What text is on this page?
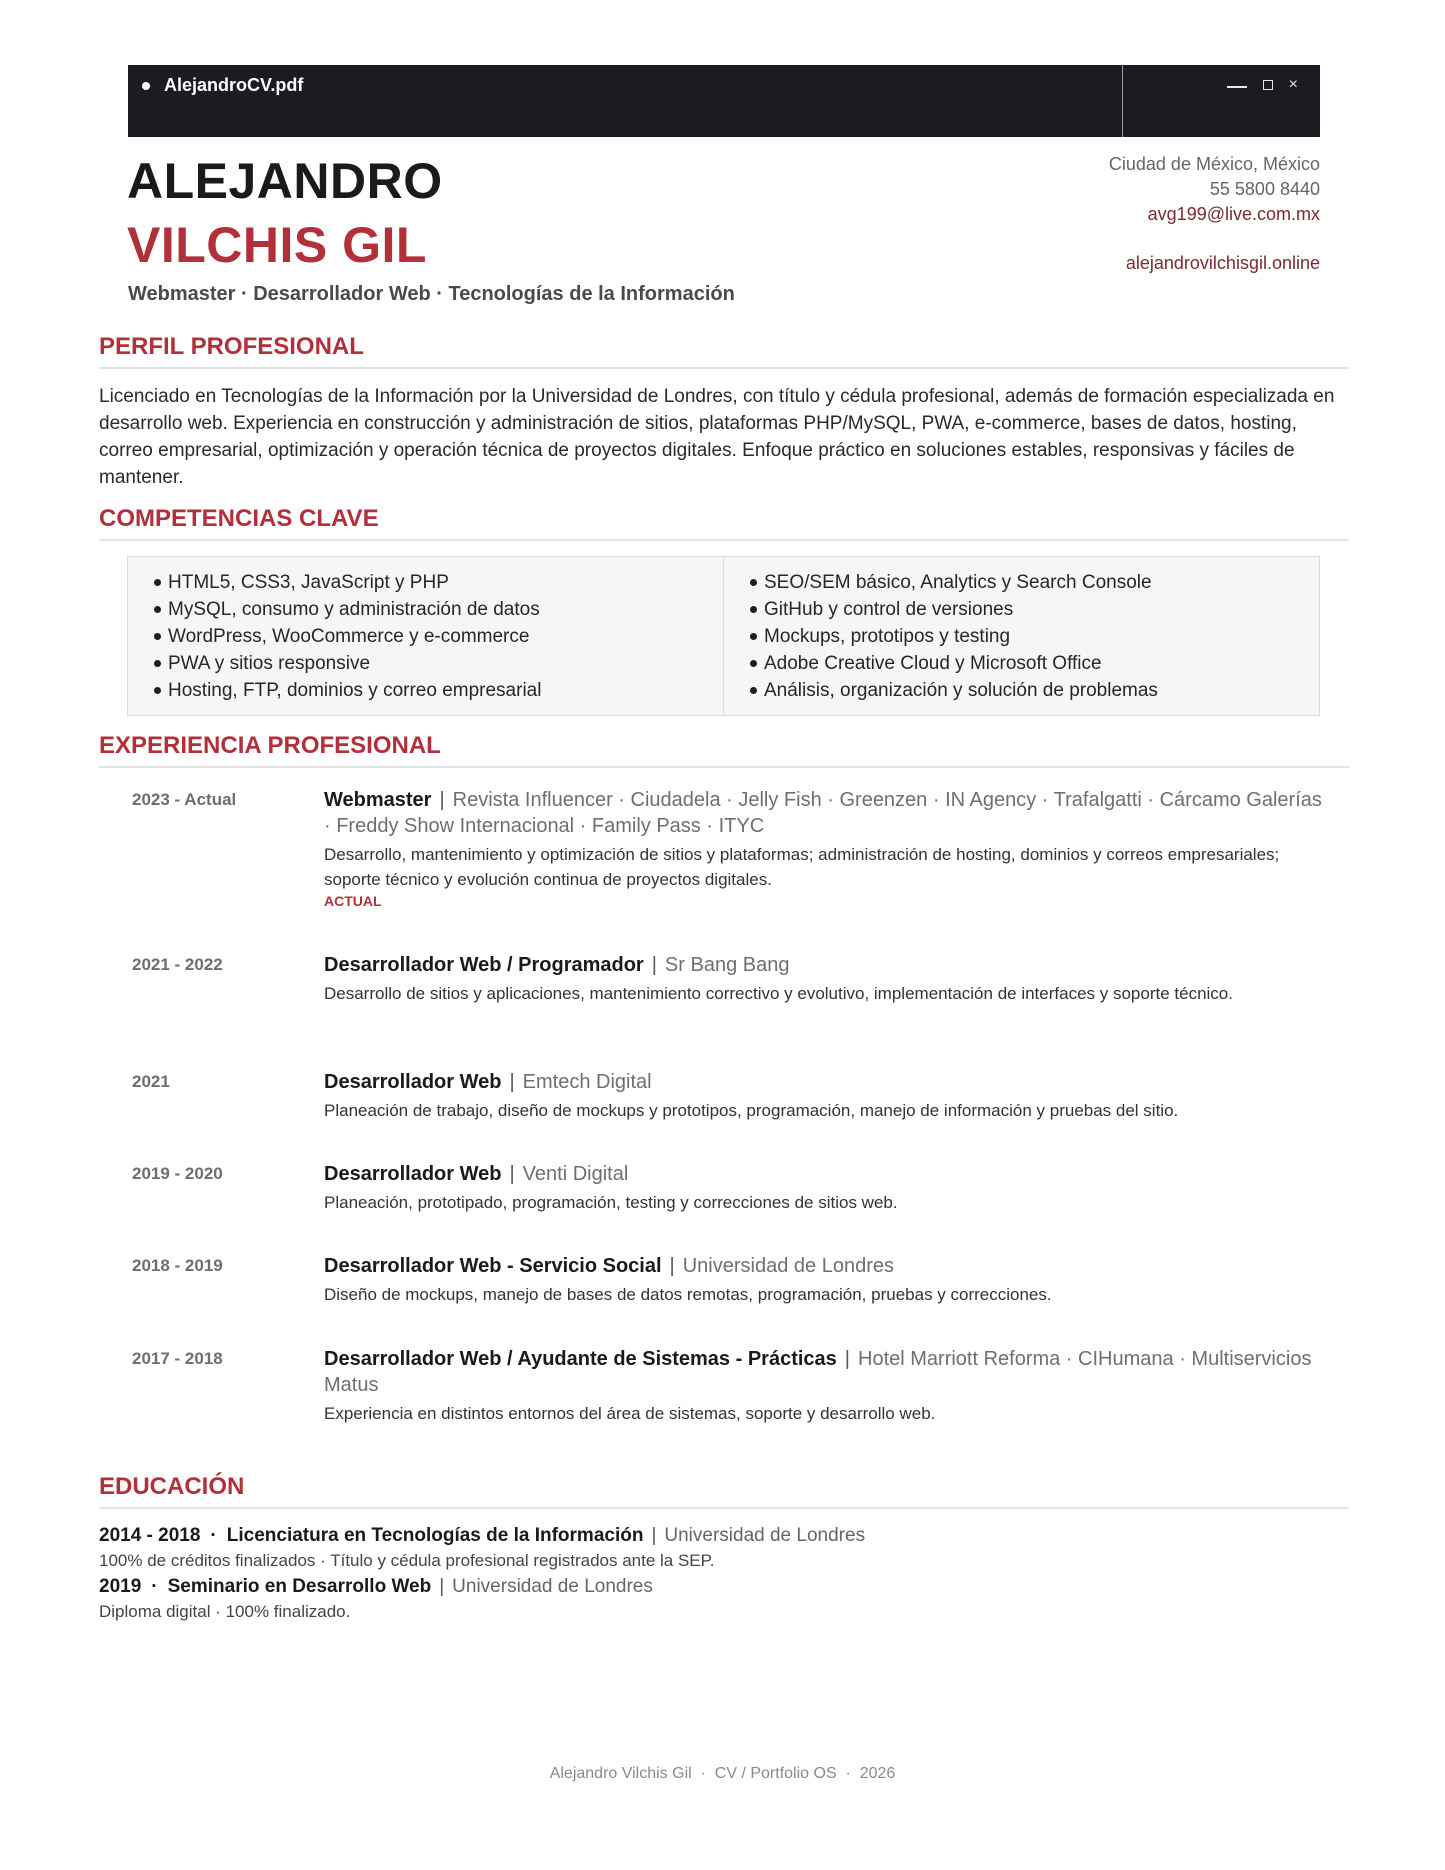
AlejandroCV.pdf	×
ALEJANDRO
VILCHIS GIL
Webmaster · Desarrollador Web · Tecnologías de la Información
Ciudad de México, México
55 5800 8440
avg199@live.com.mx
alejandrovilchisgil.online
PERFIL PROFESIONAL
Licenciado en Tecnologías de la Información por la Universidad de Londres, con título y cédula profesional, además de formación especializada en desarrollo web. Experiencia en construcción y administración de sitios, plataformas PHP/MySQL, PWA, e-commerce, bases de datos, hosting, correo empresarial, optimización y operación técnica de proyectos digitales. Enfoque práctico en soluciones estables, responsivas y fáciles de mantener.
COMPETENCIAS CLAVE
HTML5, CSS3, JavaScript y PHP
MySQL, consumo y administración de datos
WordPress, WooCommerce y e-commerce
PWA y sitios responsive
Hosting, FTP, dominios y correo empresarial
SEO/SEM básico, Analytics y Search Console
GitHub y control de versiones
Mockups, prototipos y testing
Adobe Creative Cloud y Microsoft Office
Análisis, organización y solución de problemas
EXPERIENCIA PROFESIONAL
2023 - Actual	Webmaster | Revista Influencer · Ciudadela · Jelly Fish · Greenzen · IN Agency · Trafalgatti · Cárcamo Galerías · Freddy Show Internacional · Family Pass · ITYC
Desarrollo, mantenimiento y optimización de sitios y plataformas; administración de hosting, dominios y correos empresariales; soporte técnico y evolución continua de proyectos digitales.
ACTUAL
2021 - 2022	Desarrollador Web / Programador | Sr Bang Bang
Desarrollo de sitios y aplicaciones, mantenimiento correctivo y evolutivo, implementación de interfaces y soporte técnico.
2021	Desarrollador Web | Emtech Digital
Planeación de trabajo, diseño de mockups y prototipos, programación, manejo de información y pruebas del sitio.
2019 - 2020	Desarrollador Web | Venti Digital
Planeación, prototipado, programación, testing y correcciones de sitios web.
2018 - 2019	Desarrollador Web - Servicio Social | Universidad de Londres
Diseño de mockups, manejo de bases de datos remotas, programación, pruebas y correcciones.
2017 - 2018	Desarrollador Web / Ayudante de Sistemas - Prácticas | Hotel Marriott Reforma · CIHumana · Multiservicios Matus
Experiencia en distintos entornos del área de sistemas, soporte y desarrollo web.
EDUCACIÓN
2014 - 2018 · Licenciatura en Tecnologías de la Información | Universidad de Londres
100% de créditos finalizados · Título y cédula profesional registrados ante la SEP.
2019 · Seminario en Desarrollo Web | Universidad de Londres
Diploma digital · 100% finalizado.
Alejandro Vilchis Gil  ·  CV / Portfolio OS  ·  2026
